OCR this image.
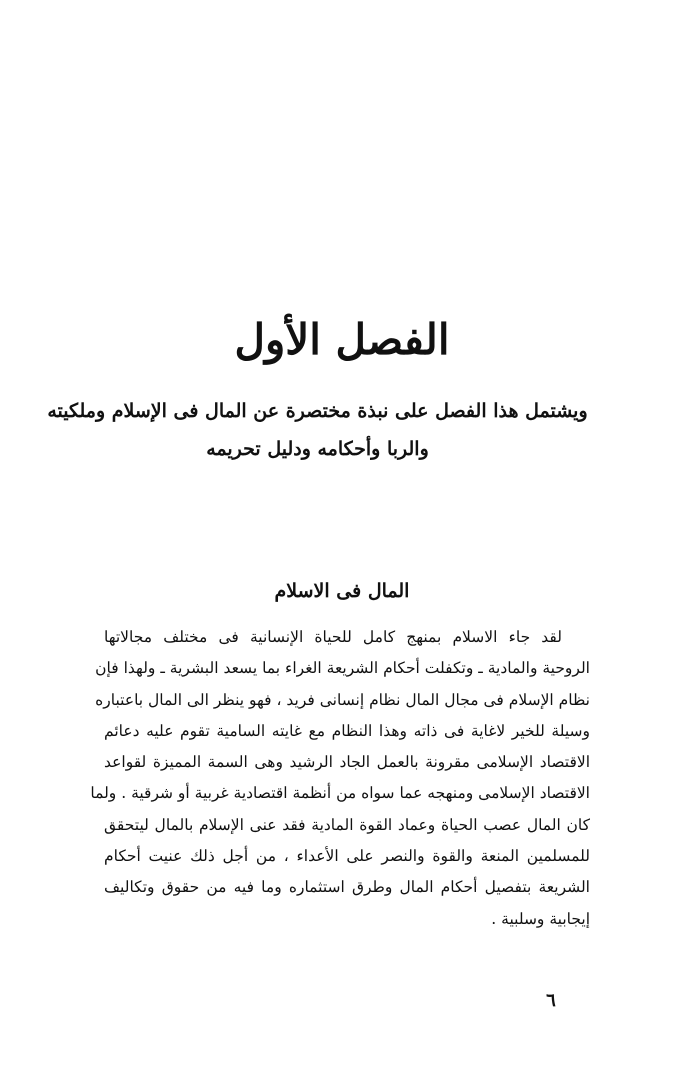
الفصل الأول
ويشتمل هذا الفصل على نبذة مختصرة عن المال فى الإسلام وملكيته والربا وأحكامه ودليل تحريمه
المال فى الاسلام
لقد جاء الاسلام بمنهج كامل للحياة الإنسانية فى مختلف مجالاتها
الروحية والمادية ـ وتكفلت أحكام الشريعة الغراء بما يسعد البشرية ـ ولهذا فإن
نظام الإسلام فى مجال المال نظام إنسانى فريد ، فهو ينظر الى المال باعتباره
وسيلة للخير لاغاية فى ذاته وهذا النظام مع غايته السامية تقوم عليه دعائم
الاقتصاد الإسلامى مقرونة بالعمل الجاد الرشيد وهى السمة المميزة لقواعد
الاقتصاد الإسلامى ومنهجه عما سواه من أنظمة اقتصادية غربية أو شرقية . ولما
كان المال عصب الحياة وعماد القوة المادية فقد عنى الإسلام بالمال ليتحقق
للمسلمين المنعة والقوة والنصر على الأعداء ، من أجل ذلك عنيت أحكام
الشريعة بتفصيل أحكام المال وطرق استثماره وما فيه من حقوق وتكاليف
إيجابية وسلبية .
٦
